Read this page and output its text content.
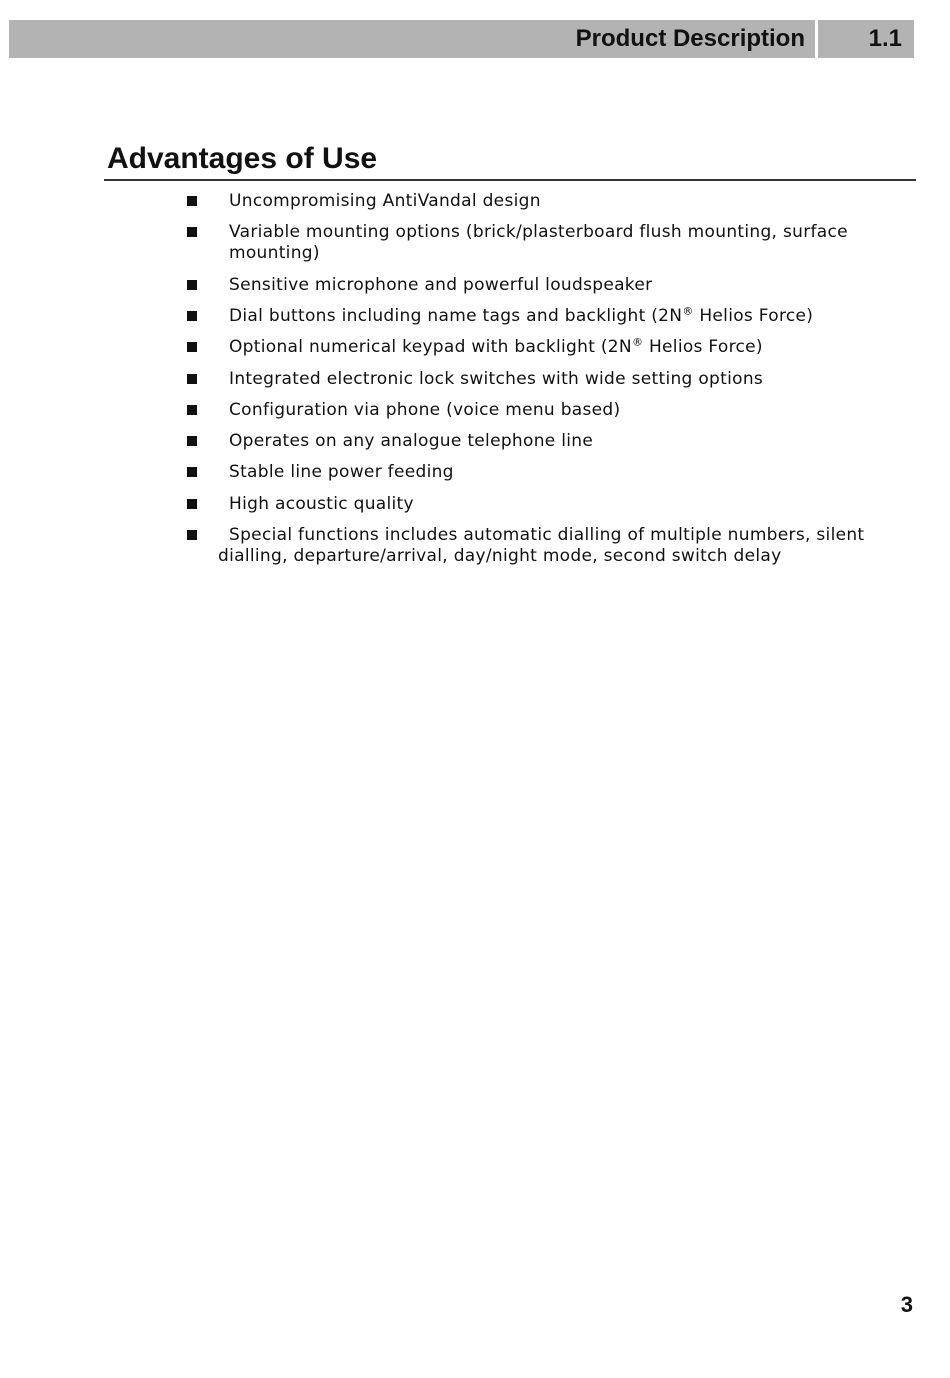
Product Description	1.1
Advantages of Use
Uncompromising AntiVandal design
Variable mounting options (brick/plasterboard flush mounting, surface mounting)
Sensitive microphone and powerful loudspeaker
Dial buttons including name tags and backlight (2N® Helios Force)
Optional numerical keypad with backlight (2N® Helios Force)
Integrated electronic lock switches with wide setting options
Configuration via phone (voice menu based)
Operates on any analogue telephone line
Stable line power feeding
High acoustic quality
Special functions includes automatic dialling of multiple numbers, silent dialling, departure/arrival, day/night mode, second switch delay
3
